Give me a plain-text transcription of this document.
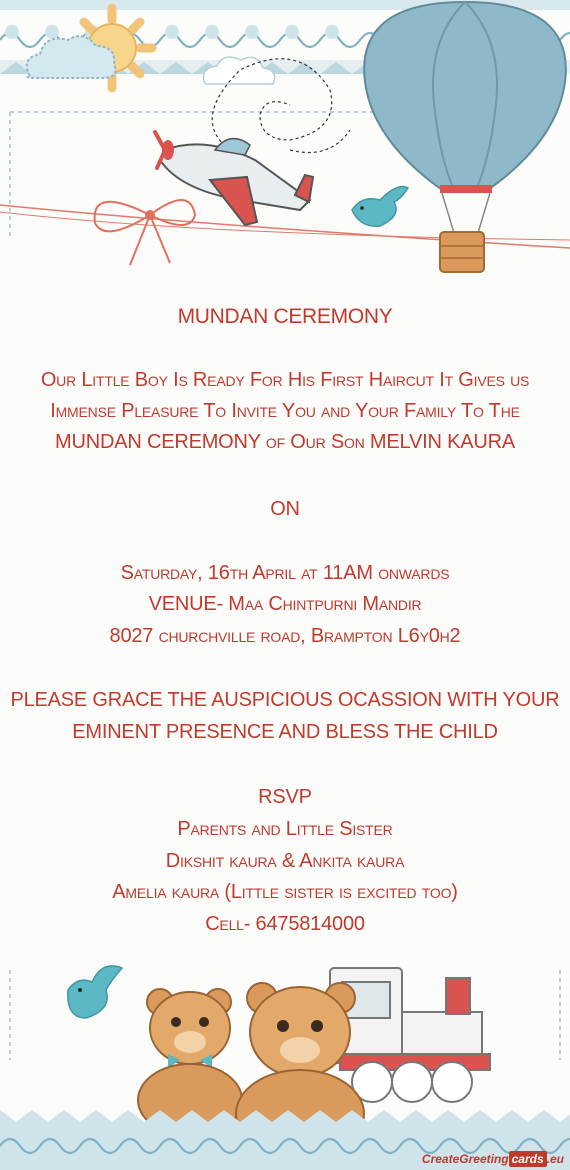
MUNDAN CEREMONY
Our Little Boy Is Ready For His First Haircut It Gives us
Immense Pleasure To Invite You and Your Family To The
MUNDAN CEREMONY of Our Son MELVIN KAURA
ON
Saturday, 16th April at 11AM onwards
VENUE- Maa Chintpurni Mandir
8027 churchville road, Brampton L6y0h2
PLEASE GRACE THE AUSPICIOUS OCASSION WITH YOUR
EMINENT PRESENCE AND BLESS THE CHILD
RSVP
Parents and Little Sister
Dikshit kaura & Ankita kaura
Amelia kaura (Little sister is excited too)
Cell- 6475814000
CreateGreeting cards .eu
